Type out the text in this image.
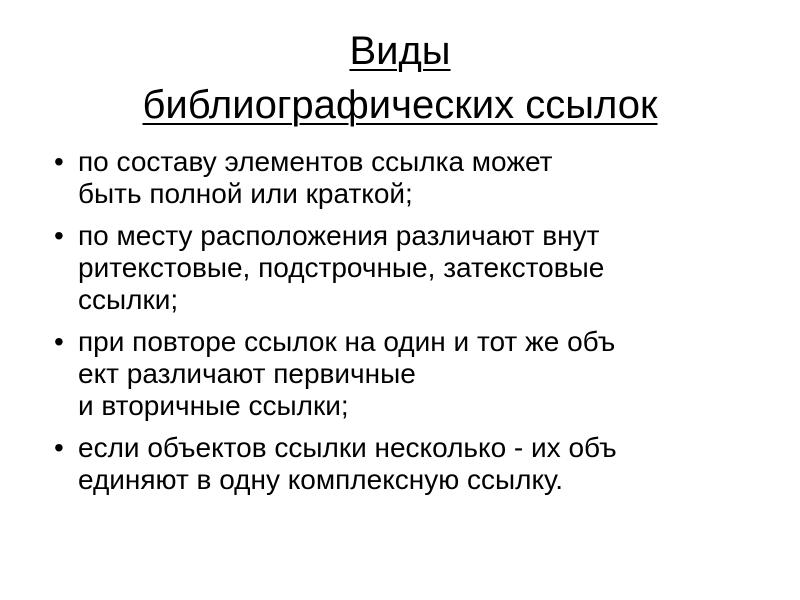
Виды
библиографических ссылок
• по составу элементов ссылка может
быть полной или краткой;
• по месту расположения различают внут
ритекстовые, подстрочные, затекстовые
ссылки;
• при повторе ссылок на один и тот же объ
ект различают первичные
и вторичные ссылки;
• если объектов ссылки несколько - их объ
единяют в одну комплексную ссылку.
